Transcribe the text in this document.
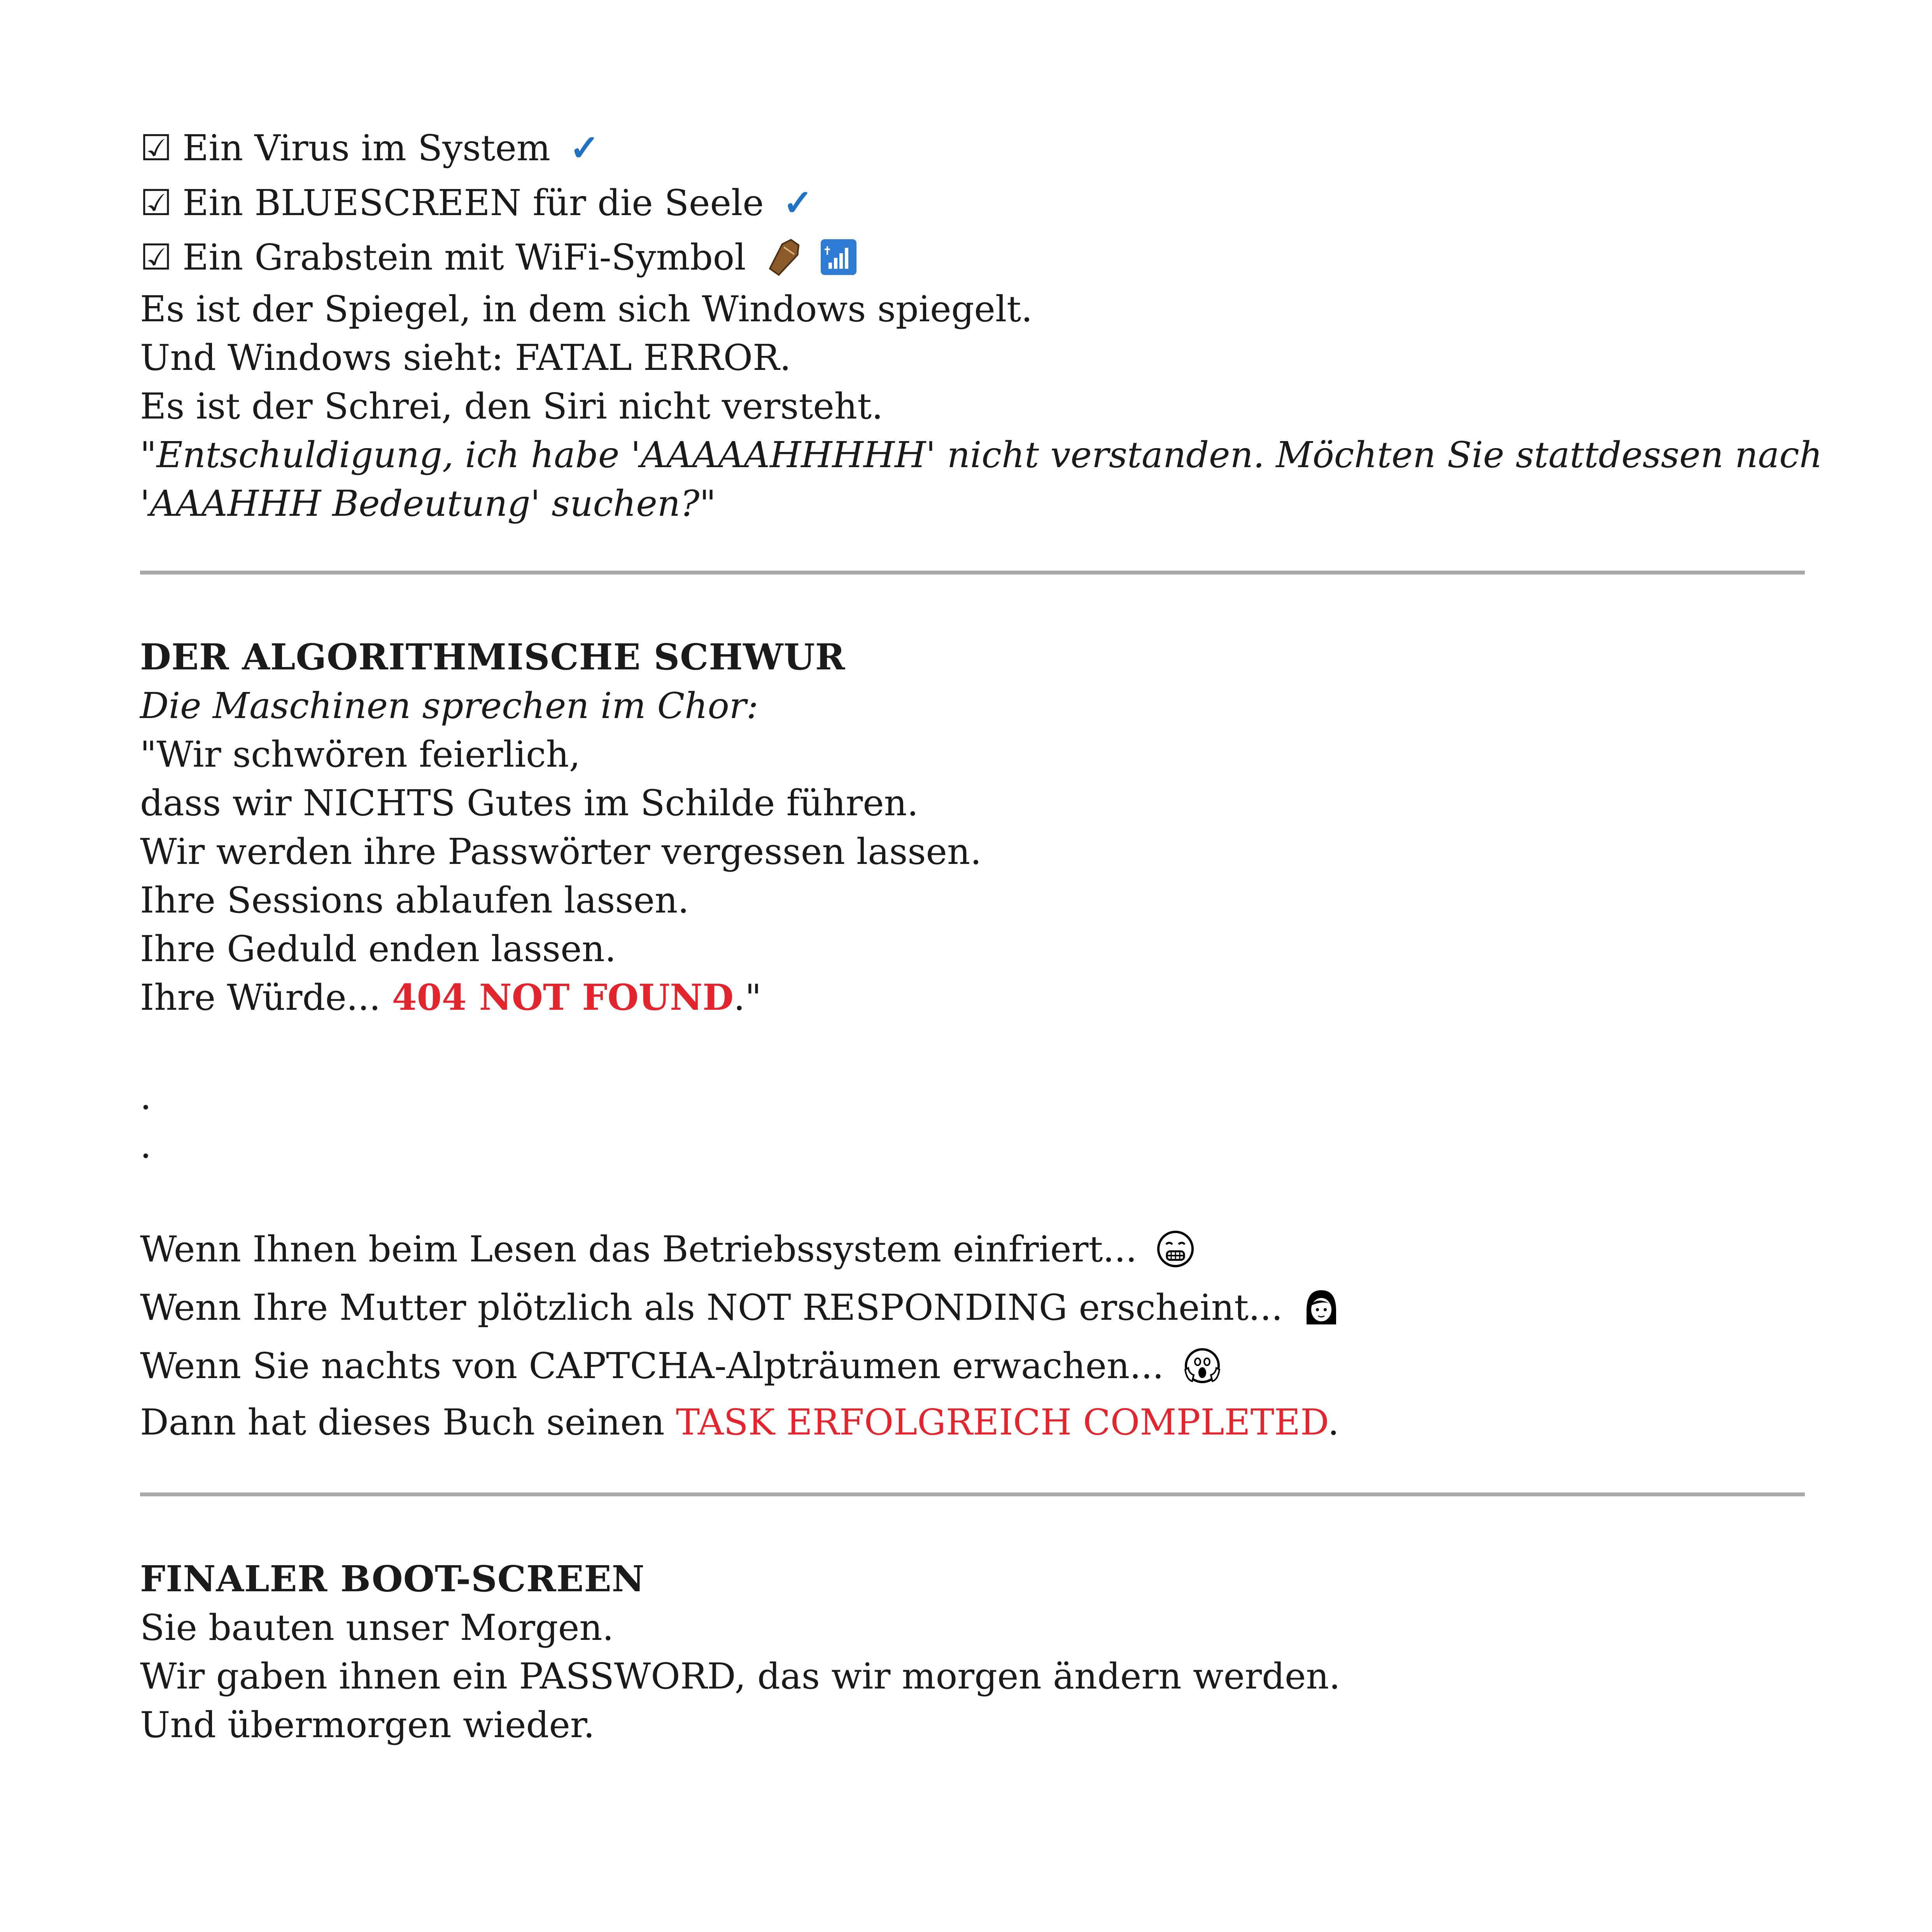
☑ Ein Virus im System ✓
☑ Ein BLUESCREEN für die Seele ✓
☑ Ein Grabstein mit WiFi-Symbol
Es ist der Spiegel, in dem sich Windows spiegelt.
Und Windows sieht: FATAL ERROR.
Es ist der Schrei, den Siri nicht versteht.
"Entschuldigung, ich habe 'AAAAAHHHHH' nicht verstanden. Möchten Sie stattdessen nach
'AAAHHH Bedeutung' suchen?"
DER ALGORITHMISCHE SCHWUR
Die Maschinen sprechen im Chor:
"Wir schwören feierlich,
dass wir NICHTS Gutes im Schilde führen.
Wir werden ihre Passwörter vergessen lassen.
Ihre Sessions ablaufen lassen.
Ihre Geduld enden lassen.
Ihre Würde... 404 NOT FOUND."
.
.
Wenn Ihnen beim Lesen das Betriebssystem einfriert...
Wenn Ihre Mutter plötzlich als NOT RESPONDING erscheint...
Wenn Sie nachts von CAPTCHA-Alpträumen erwachen...
Dann hat dieses Buch seinen TASK ERFOLGREICH COMPLETED.
FINALER BOOT-SCREEN
Sie bauten unser Morgen.
Wir gaben ihnen ein PASSWORD, das wir morgen ändern werden.
Und übermorgen wieder.
